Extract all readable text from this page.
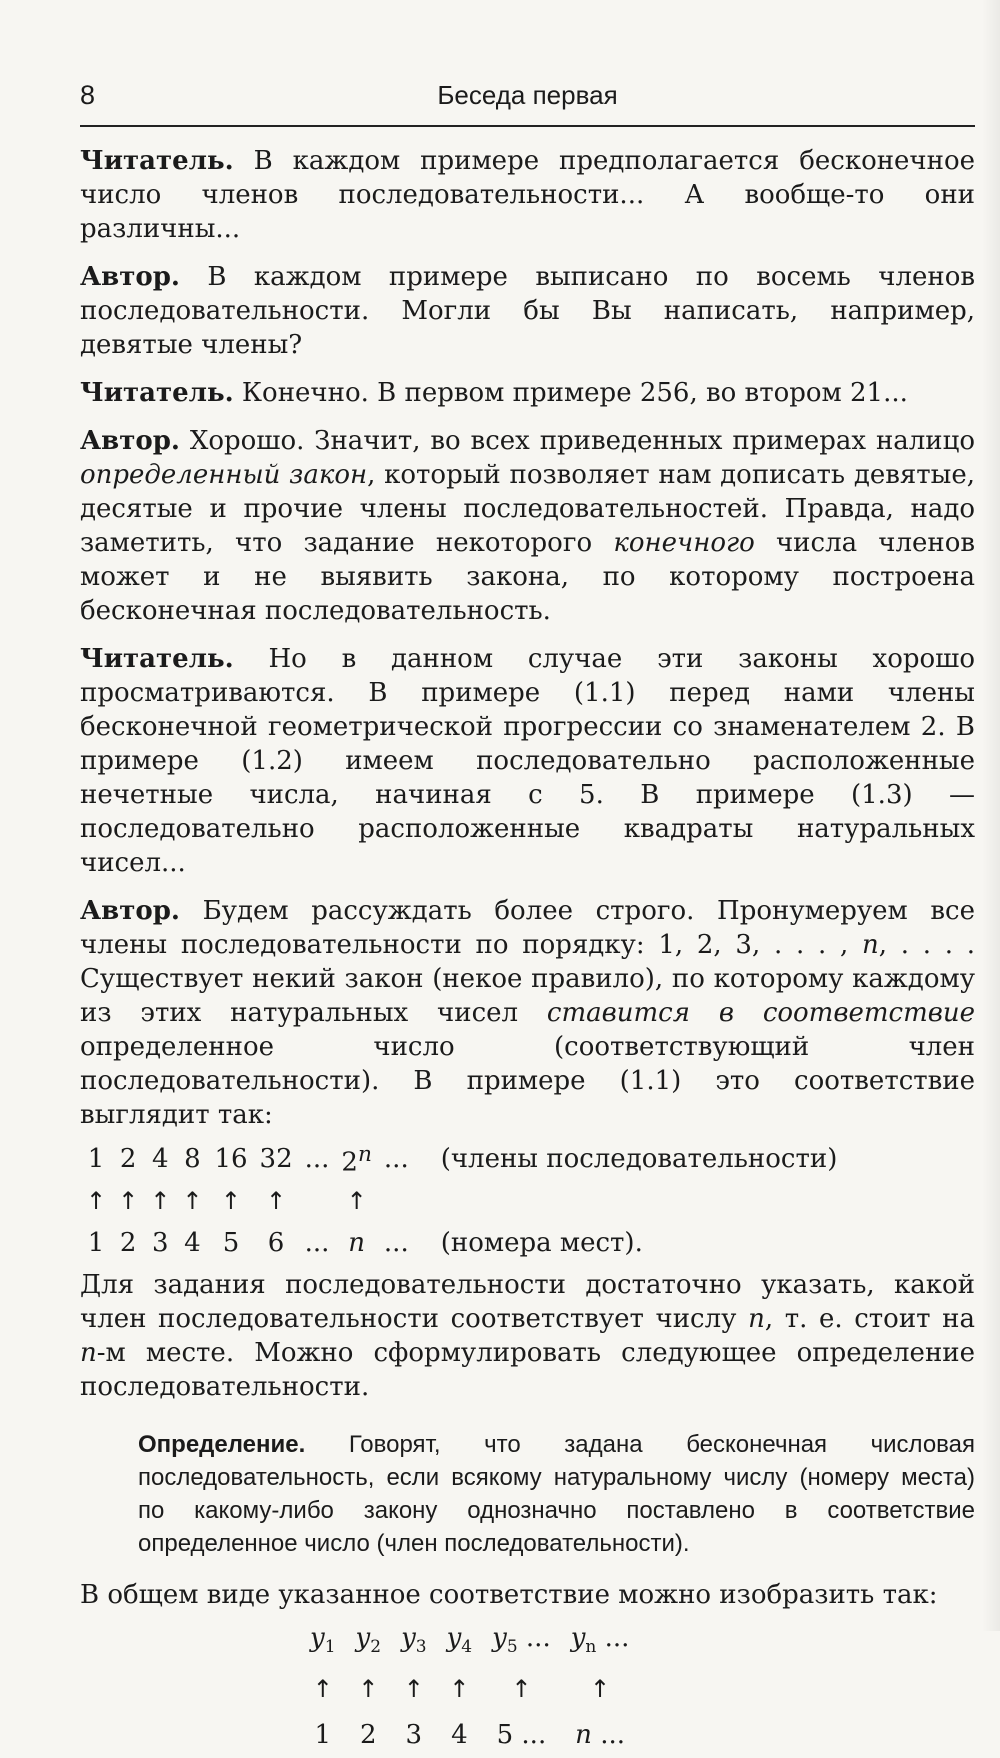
8	Беседа первая

Читатель. В каждом примере предполагается бесконечное число членов последовательности... А вообще-то они различны...

Автор. В каждом примере выписано по восемь членов последовательности. Могли бы Вы написать, например, девятые члены?

Читатель. Конечно. В первом примере 256, во втором 21...

Автор. Хорошо. Значит, во всех приведенных примерах налицо определенный закон, который позволяет нам дописать девятые, десятые и прочие члены последовательностей. Правда, надо заметить, что задание некоторого конечного числа членов может и не выявить закона, по которому построена бесконечная последовательность.

Читатель. Но в данном случае эти законы хорошо просматриваются. В примере (1.1) перед нами члены бесконечной геометрической прогрессии со знаменателем 2. В примере (1.2) имеем последовательно расположенные нечетные числа, начиная с 5. В примере (1.3) — последовательно расположенные квадраты натуральных чисел...

Автор. Будем рассуждать более строго. Пронумеруем все члены последовательности по порядку: 1, 2, 3, . . . , n, . . . . Существует некий закон (некое правило), по которому каждому из этих натуральных чисел ставится в соответствие определенное число (соответствующий член последовательности). В примере (1.1) это соответствие выглядит так:

1	2	4	8	16	32	...	2$^n$	...	(члены последовательности)
↑	↑	↑	↑	↑	↑		↑		
1	2	3	4	5	6	...	n	...	(номера мест).

Для задания последовательности достаточно указать, какой член последовательности соответствует числу n, т. е. стоит на n-м месте. Можно сформулировать следующее определение последовательности.

Определение. Говорят, что задана бесконечная числовая последовательность, если всякому натуральному числу (номеру места) по какому-либо закону однозначно поставлено в соответствие определенное число (член последовательности).

В общем виде указанное соответствие можно изобразить так:

$y_1$	$y_2$	$y_3$	$y_4$	$y_5$ ...	$y_n$ ...
↑	↑	↑	↑	↑	↑
1	2	3	4	5 ...	n ...
